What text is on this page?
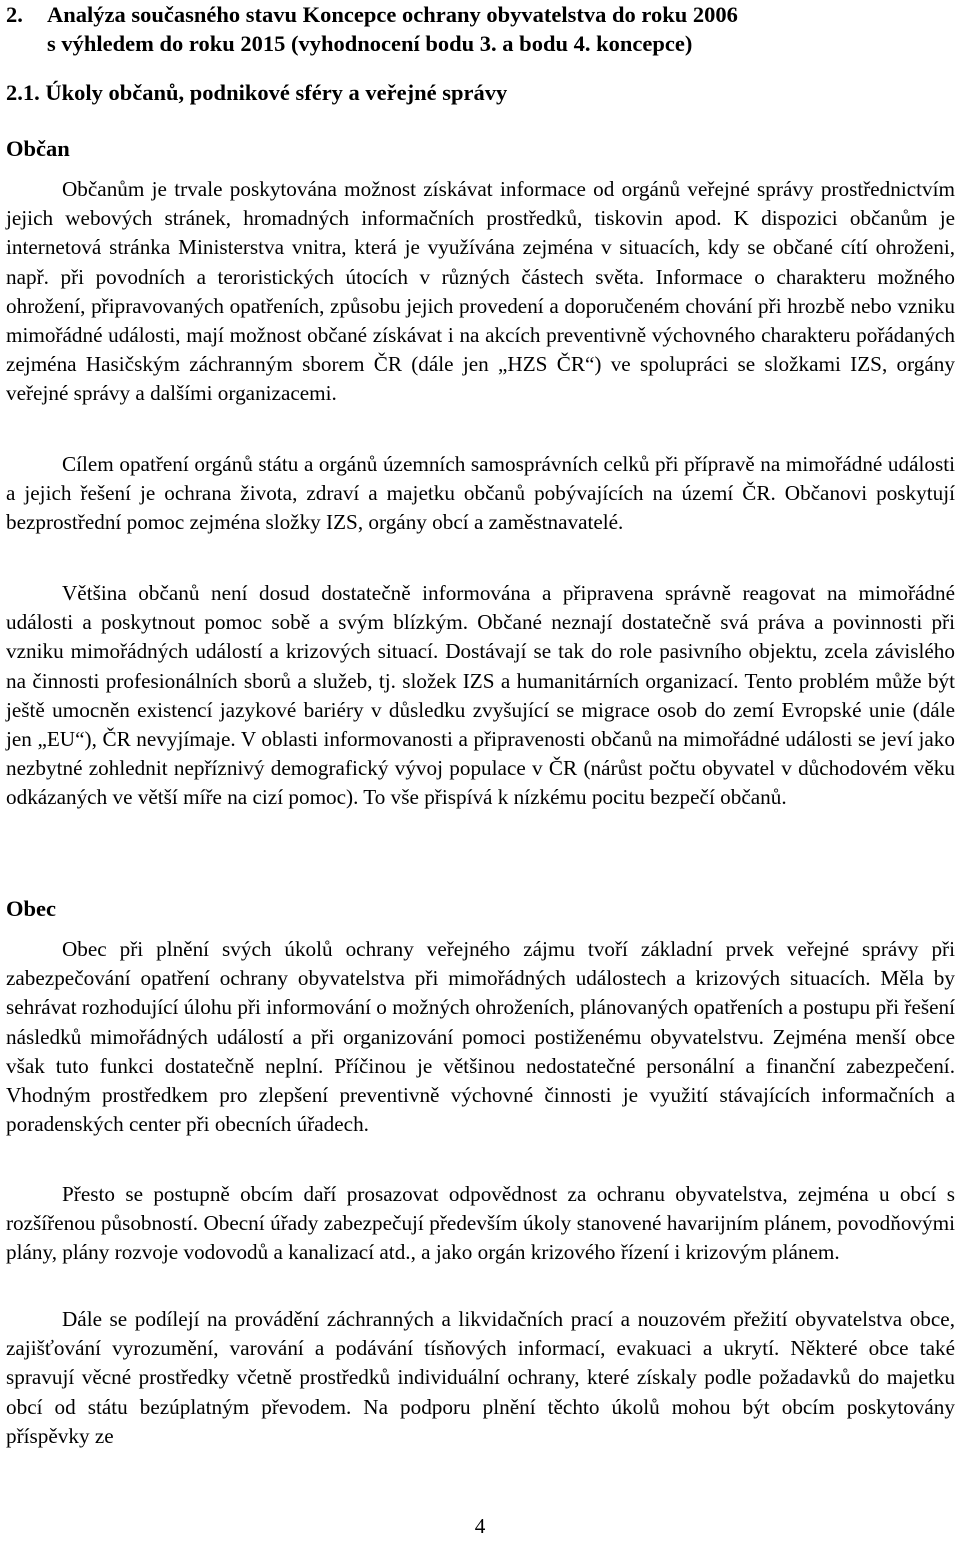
2. Analýza současného stavu Koncepce ochrany obyvatelstva do roku 2006
s výhledem do roku 2015 (vyhodnocení bodu 3. a bodu 4. koncepce)
2.1. Úkoly občanů, podnikové sféry a veřejné správy
Občan

Občanům je trvale poskytována možnost získávat informace od orgánů veřejné správy prostřednictvím jejich webových stránek, hromadných informačních prostředků, tiskovin apod. K dispozici občanům je internetová stránka Ministerstva vnitra, která je využívána zejména v situacích, kdy se občané cítí ohroženi, např. při povodních a teroristických útocích v různých částech světa. Informace o charakteru možného ohrožení, připravovaných opatřeních, způsobu jejich provedení a doporučeném chování při hrozbě nebo vzniku mimořádné události, mají možnost občané získávat i na akcích preventivně výchovného charakteru pořádaných zejména Hasičským záchranným sborem ČR (dále jen „HZS ČR“) ve spolupráci se složkami IZS, orgány veřejné správy a dalšími organizacemi.

Cílem opatření orgánů státu a orgánů územních samosprávních celků při přípravě na mimořádné události a jejich řešení je ochrana života, zdraví a majetku občanů pobývajících na území ČR. Občanovi poskytují bezprostřední pomoc zejména složky IZS, orgány obcí a zaměstnavatelé.

Většina občanů není dosud dostatečně informována a připravena správně reagovat na mimořádné události a poskytnout pomoc sobě a svým blízkým. Občané neznají dostatečně svá práva a povinnosti při vzniku mimořádných událostí a krizových situací. Dostávají se tak do role pasivního objektu, zcela závislého na činnosti profesionálních sborů a služeb, tj. složek IZS a humanitárních organizací. Tento problém může být ještě umocněn existencí jazykové bariéry v důsledku zvyšující se migrace osob do zemí Evropské unie (dále jen „EU“), ČR nevyjímaje. V oblasti informovanosti a připravenosti občanů na mimořádné události se jeví jako nezbytné zohlednit nepříznivý demografický vývoj populace v ČR (nárůst počtu obyvatel v důchodovém věku odkázaných ve větší míře na cizí pomoc). To vše přispívá k nízkému pocitu bezpečí občanů.

Obec

Obec při plnění svých úkolů ochrany veřejného zájmu tvoří základní prvek veřejné správy při zabezpečování opatření ochrany obyvatelstva při mimořádných událostech a krizových situacích. Měla by sehrávat rozhodující úlohu při informování o možných ohroženích, plánovaných opatřeních a postupu při řešení následků mimořádných událostí a při organizování pomoci postiženému obyvatelstvu. Zejména menší obce však tuto funkci dostatečně neplní. Příčinou je většinou nedostatečné personální a finanční zabezpečení. Vhodným prostředkem pro zlepšení preventivně výchovné činnosti je využití stávajících informačních a poradenských center při obecních úřadech.

Přesto se postupně obcím daří prosazovat odpovědnost za ochranu obyvatelstva, zejména u obcí s rozšířenou působností. Obecní úřady zabezpečují především úkoly stanovené havarijním plánem, povodňovými plány, plány rozvoje vodovodů a kanalizací atd., a jako orgán krizového řízení i krizovým plánem.

Dále se podílejí na provádění záchranných a likvidačních prací a nouzovém přežití obyvatelstva obce, zajišťování vyrozumění, varování a podávání tísňových informací, evakuaci a ukrytí. Některé obce také spravují věcné prostředky včetně prostředků individuální ochrany, které získaly podle požadavků do majetku obcí od státu bezúplatným převodem. Na podporu plnění těchto úkolů mohou být obcím poskytovány příspěvky ze

4
